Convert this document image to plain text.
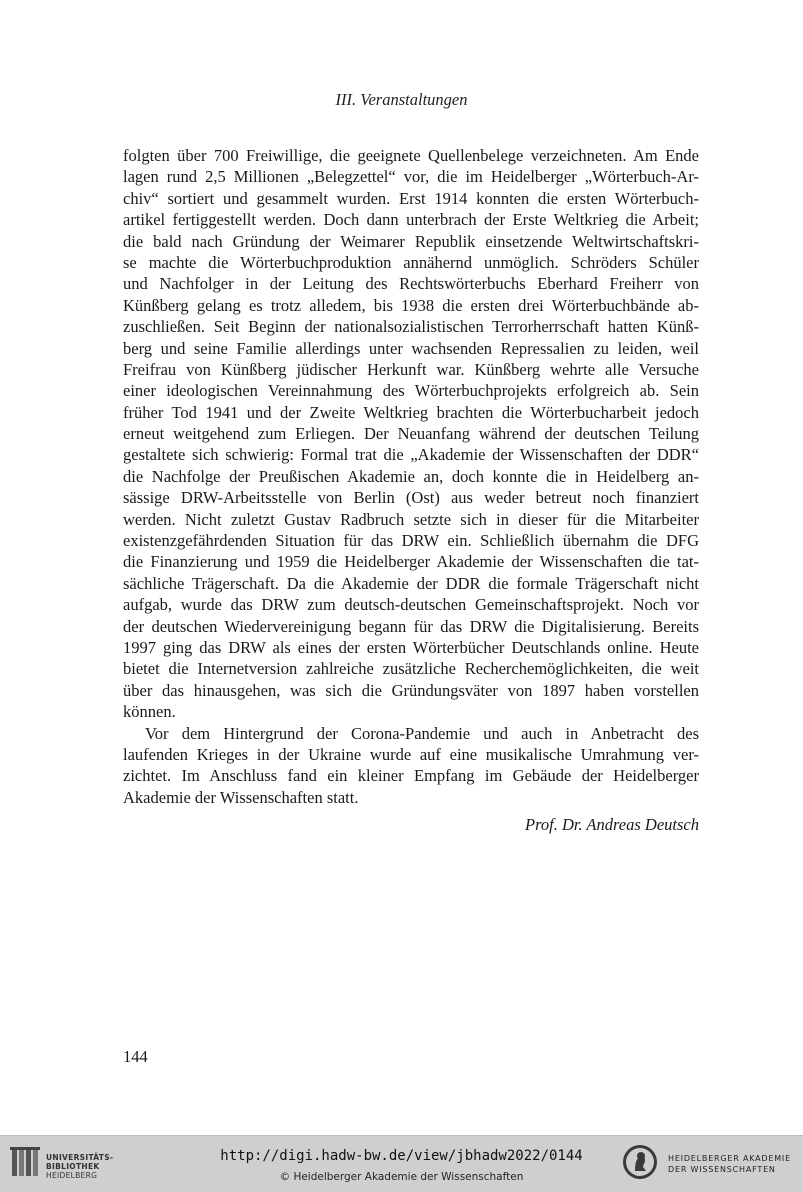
III. Veranstaltungen
folgten über 700 Freiwillige, die geeignete Quellenbelege verzeichneten. Am Ende
lagen rund 2,5 Millionen „Belegzettel“ vor, die im Heidelberger „Wörterbuch-Ar-
chiv“ sortiert und gesammelt wurden. Erst 1914 konnten die ersten Wörterbuch-
artikel fertiggestellt werden. Doch dann unterbrach der Erste Weltkrieg die Arbeit;
die bald nach Gründung der Weimarer Republik einsetzende Weltwirtschaftskri-
se machte die Wörterbuchproduktion annähernd unmöglich. Schröders Schüler
und Nachfolger in der Leitung des Rechtswörterbuchs Eberhard Freiherr von
Künßberg gelang es trotz alledem, bis 1938 die ersten drei Wörterbuchbände ab-
zuschließen. Seit Beginn der nationalsozialistischen Terrorherrschaft hatten Künß-
berg und seine Familie allerdings unter wachsenden Repressalien zu leiden, weil
Freifrau von Künßberg jüdischer Herkunft war. Künßberg wehrte alle Versuche
einer ideologischen Vereinnahmung des Wörterbuchprojekts erfolgreich ab. Sein
früher Tod 1941 und der Zweite Weltkrieg brachten die Wörterbucharbeit jedoch
erneut weitgehend zum Erliegen. Der Neuanfang während der deutschen Teilung
gestaltete sich schwierig: Formal trat die „Akademie der Wissenschaften der DDR“
die Nachfolge der Preußischen Akademie an, doch konnte die in Heidelberg an-
sässige DRW-Arbeitsstelle von Berlin (Ost) aus weder betreut noch finanziert
werden. Nicht zuletzt Gustav Radbruch setzte sich in dieser für die Mitarbeiter
existenzgefährdenden Situation für das DRW ein. Schließlich übernahm die DFG
die Finanzierung und 1959 die Heidelberger Akademie der Wissenschaften die tat-
sächliche Trägerschaft. Da die Akademie der DDR die formale Trägerschaft nicht
aufgab, wurde das DRW zum deutsch-deutschen Gemeinschaftsprojekt. Noch vor
der deutschen Wiedervereinigung begann für das DRW die Digitalisierung. Bereits
1997 ging das DRW als eines der ersten Wörterbücher Deutschlands online. Heute
bietet die Internetversion zahlreiche zusätzliche Recherchemöglichkeiten, die weit
über das hinausgehen, was sich die Gründungsväter von 1897 haben vorstellen
können.
Vor dem Hintergrund der Corona-Pandemie und auch in Anbetracht des
laufenden Krieges in der Ukraine wurde auf eine musikalische Umrahmung ver-
zichtet. Im Anschluss fand ein kleiner Empfang im Gebäude der Heidelberger
Akademie der Wissenschaften statt.
Prof. Dr. Andreas Deutsch
144
UNIVERSITÄTS-
BIBLIOTHEK
HEIDELBERG
http://digi.hadw-bw.de/view/jbhadw2022/0144
© Heidelberger Akademie der Wissenschaften
HEIDELBERGER AKADEMIE
DER WISSENSCHAFTEN
